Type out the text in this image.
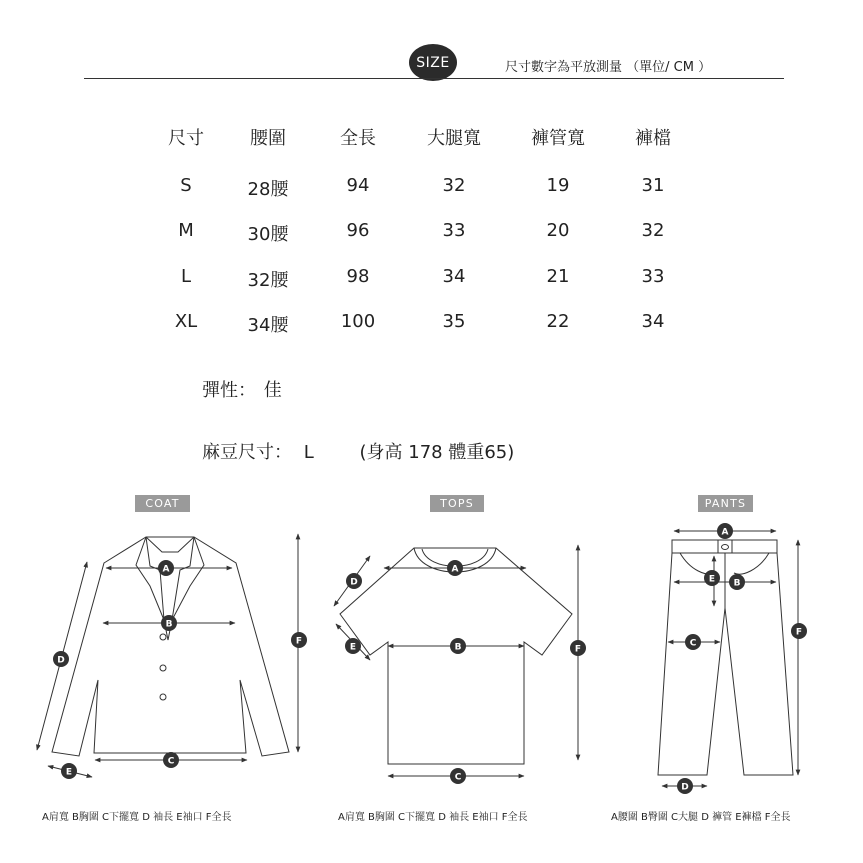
SIZE	尺寸數字為平放測量 （單位/ CM ）
尺寸	腰圍	全長	大腿寬	褲管寬	褲檔
S	28腰	94	32	19	31
M	30腰	96	33	20	32
L	32腰	98	34	21	33
XL	34腰	100	35	22	34
彈性： 佳
麻豆尺寸： L	(身高 178 體重65)
COAT	TOPS	PANTS
A
B
C
D
E
F
A
B
C
D
E	F
A
B
C
D
E
F
A肩寬 B胸圍 C下擺寬 D 袖長 E袖口 F全長	A肩寬 B胸圍 C下擺寬 D 袖長 E袖口 F全長	A腰圍 B臀圍 C大腿 D 褲管 E褲檔 F全長
